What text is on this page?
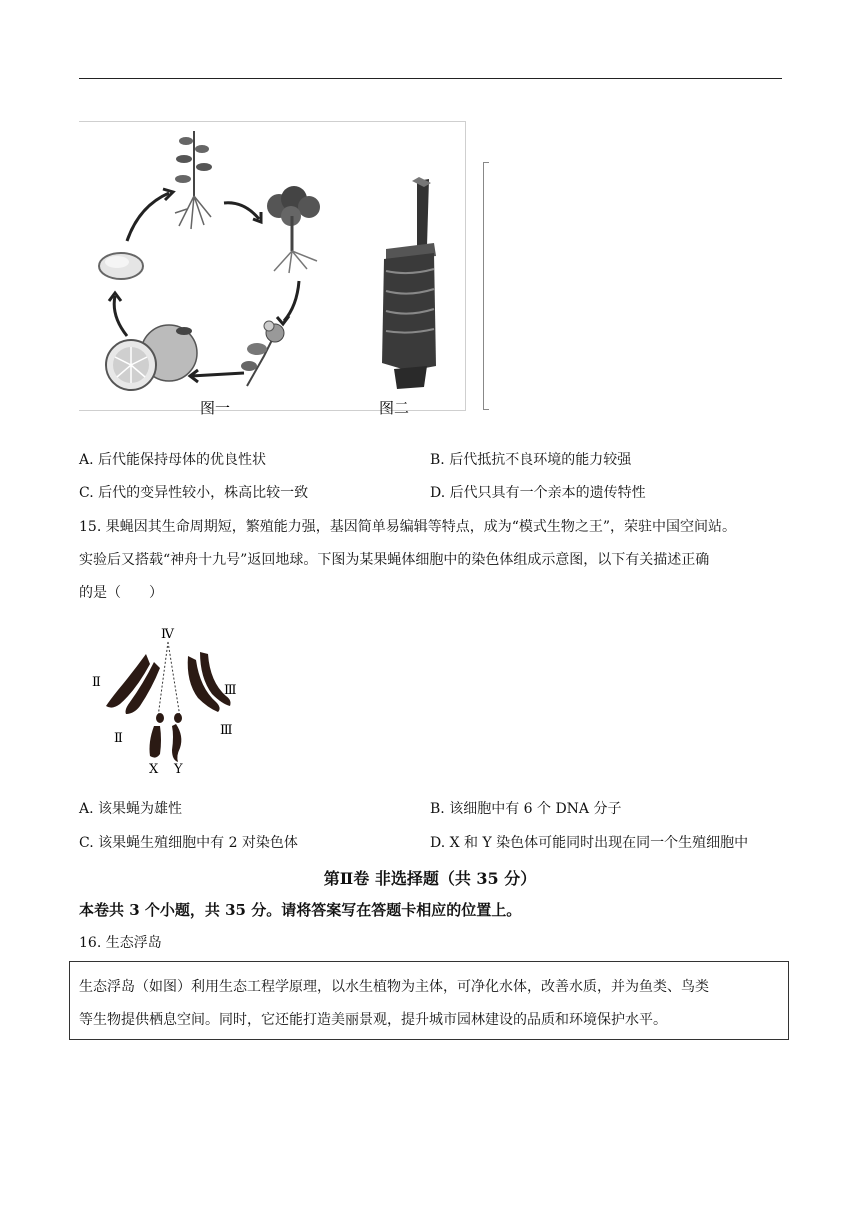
图一	图二
A. 后代能保持母体的优良性状	B. 后代抵抗不良环境的能力较强
C. 后代的变异性较小，株高比较一致	D. 后代只具有一个亲本的遗传特性
15. 果蝇因其生命周期短，繁殖能力强，基因简单易编辑等特点，成为“模式生物之王”，荣驻中国空间站。
实验后又搭载“神舟十九号”返回地球。下图为某果蝇体细胞中的染色体组成示意图，以下有关描述正确
的是（　　）
Ⅳ
Ⅱ
Ⅱ
Ⅲ
Ⅲ
X Y
A. 该果蝇为雄性	B. 该细胞中有 6 个 DNA 分子
C. 该果蝇生殖细胞中有 2 对染色体	D. X 和 Y 染色体可能同时出现在同一个生殖细胞中
第Ⅱ卷 非选择题（共 35 分）
本卷共 3 个小题，共 35 分。请将答案写在答题卡相应的位置上。
16. 生态浮岛
生态浮岛（如图）利用生态工程学原理，以水生植物为主体，可净化水体，改善水质，并为鱼类、鸟类
等生物提供栖息空间。同时，它还能打造美丽景观，提升城市园林建设的品质和环境保护水平。
